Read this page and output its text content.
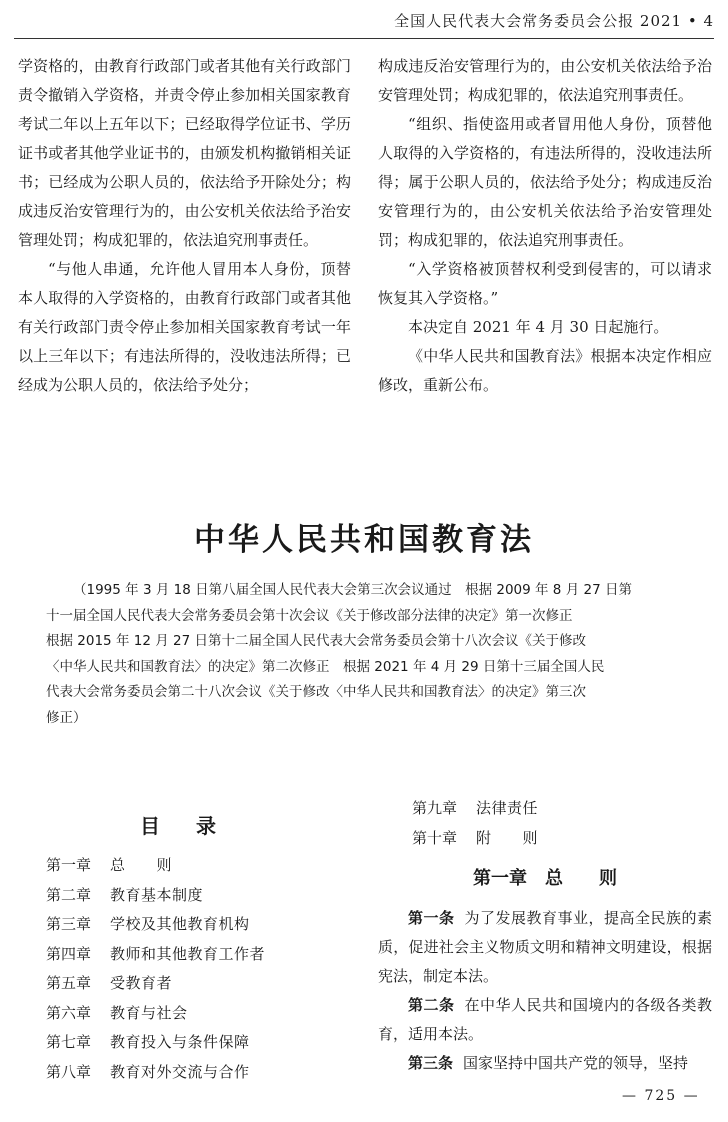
全国人民代表大会常务委员会公报 2021 • 4

学资格的，由教育行政部门或者其他有关行政部门责令撤销入学资格，并责令停止参加相关国家教育考试二年以上五年以下；已经取得学位证书、学历证书或者其他学业证书的，由颁发机构撤销相关证书；已经成为公职人员的，依法给予开除处分；构成违反治安管理行为的，由公安机关依法给予治安管理处罚；构成犯罪的，依法追究刑事责任。

“与他人串通，允许他人冒用本人身份，顶替本人取得的入学资格的，由教育行政部门或者其他有关行政部门责令停止参加相关国家教育考试一年以上三年以下；有违法所得的，没收违法所得；已经成为公职人员的，依法给予处分；

构成违反治安管理行为的，由公安机关依法给予治安管理处罚；构成犯罪的，依法追究刑事责任。

“组织、指使盗用或者冒用他人身份，顶替他人取得的入学资格的，有违法所得的，没收违法所得；属于公职人员的，依法给予处分；构成违反治安管理行为的，由公安机关依法给予治安管理处罚；构成犯罪的，依法追究刑事责任。

“入学资格被顶替权利受到侵害的，可以请求恢复其入学资格。”

本决定自 2021 年 4 月 30 日起施行。

《中华人民共和国教育法》根据本决定作相应修改，重新公布。

中华人民共和国教育法

（1995 年 3 月 18 日第八届全国人民代表大会第三次会议通过　根据 2009 年 8 月 27 日第

十一届全国人民代表大会常务委员会第十次会议《关于修改部分法律的决定》第一次修正

根据 2015 年 12 月 27 日第十二届全国人民代表大会常务委员会第十八次会议《关于修改

〈中华人民共和国教育法〉的决定》第二次修正　根据 2021 年 4 月 29 日第十三届全国人民

代表大会常务委员会第二十八次会议《关于修改〈中华人民共和国教育法〉的决定》第三次

修正）

目录
第一章	总　　则
第二章	教育基本制度
第三章	学校及其他教育机构
第四章	教师和其他教育工作者
第五章	受教育者
第六章	教育与社会
第七章	教育投入与条件保障
第八章	教育对外交流与合作
第九章	法律责任
第十章	附　　则
第一章　总　　则

第一条 为了发展教育事业，提高全民族的素质，促进社会主义物质文明和精神文明建设，根据宪法，制定本法。

第二条 在中华人民共和国境内的各级各类教育，适用本法。

第三条 国家坚持中国共产党的领导，坚持

— 725 —
